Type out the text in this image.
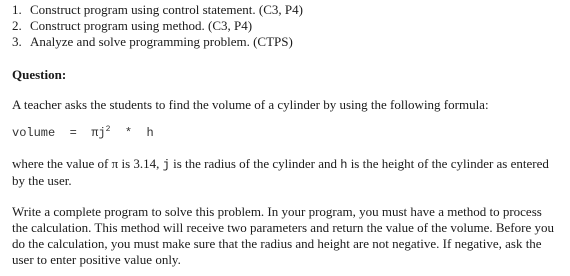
1. Construct program using control statement. (C3, P4)
2. Construct program using method. (C3, P4)
3. Analyze and solve programming problem. (CTPS)

Question:

A teacher asks the students to find the volume of a cylinder by using the following formula:

volume  =  $\pi j^2$  *  h

where the value of π is 3.14, j is the radius of the cylinder and h is the height of the cylinder as entered by the user.

Write a complete program to solve this problem. In your program, you must have a method to process the calculation. This method will receive two parameters and return the value of the volume. Before you do the calculation, you must make sure that the radius and height are not negative. If negative, ask the user to enter positive value only.
